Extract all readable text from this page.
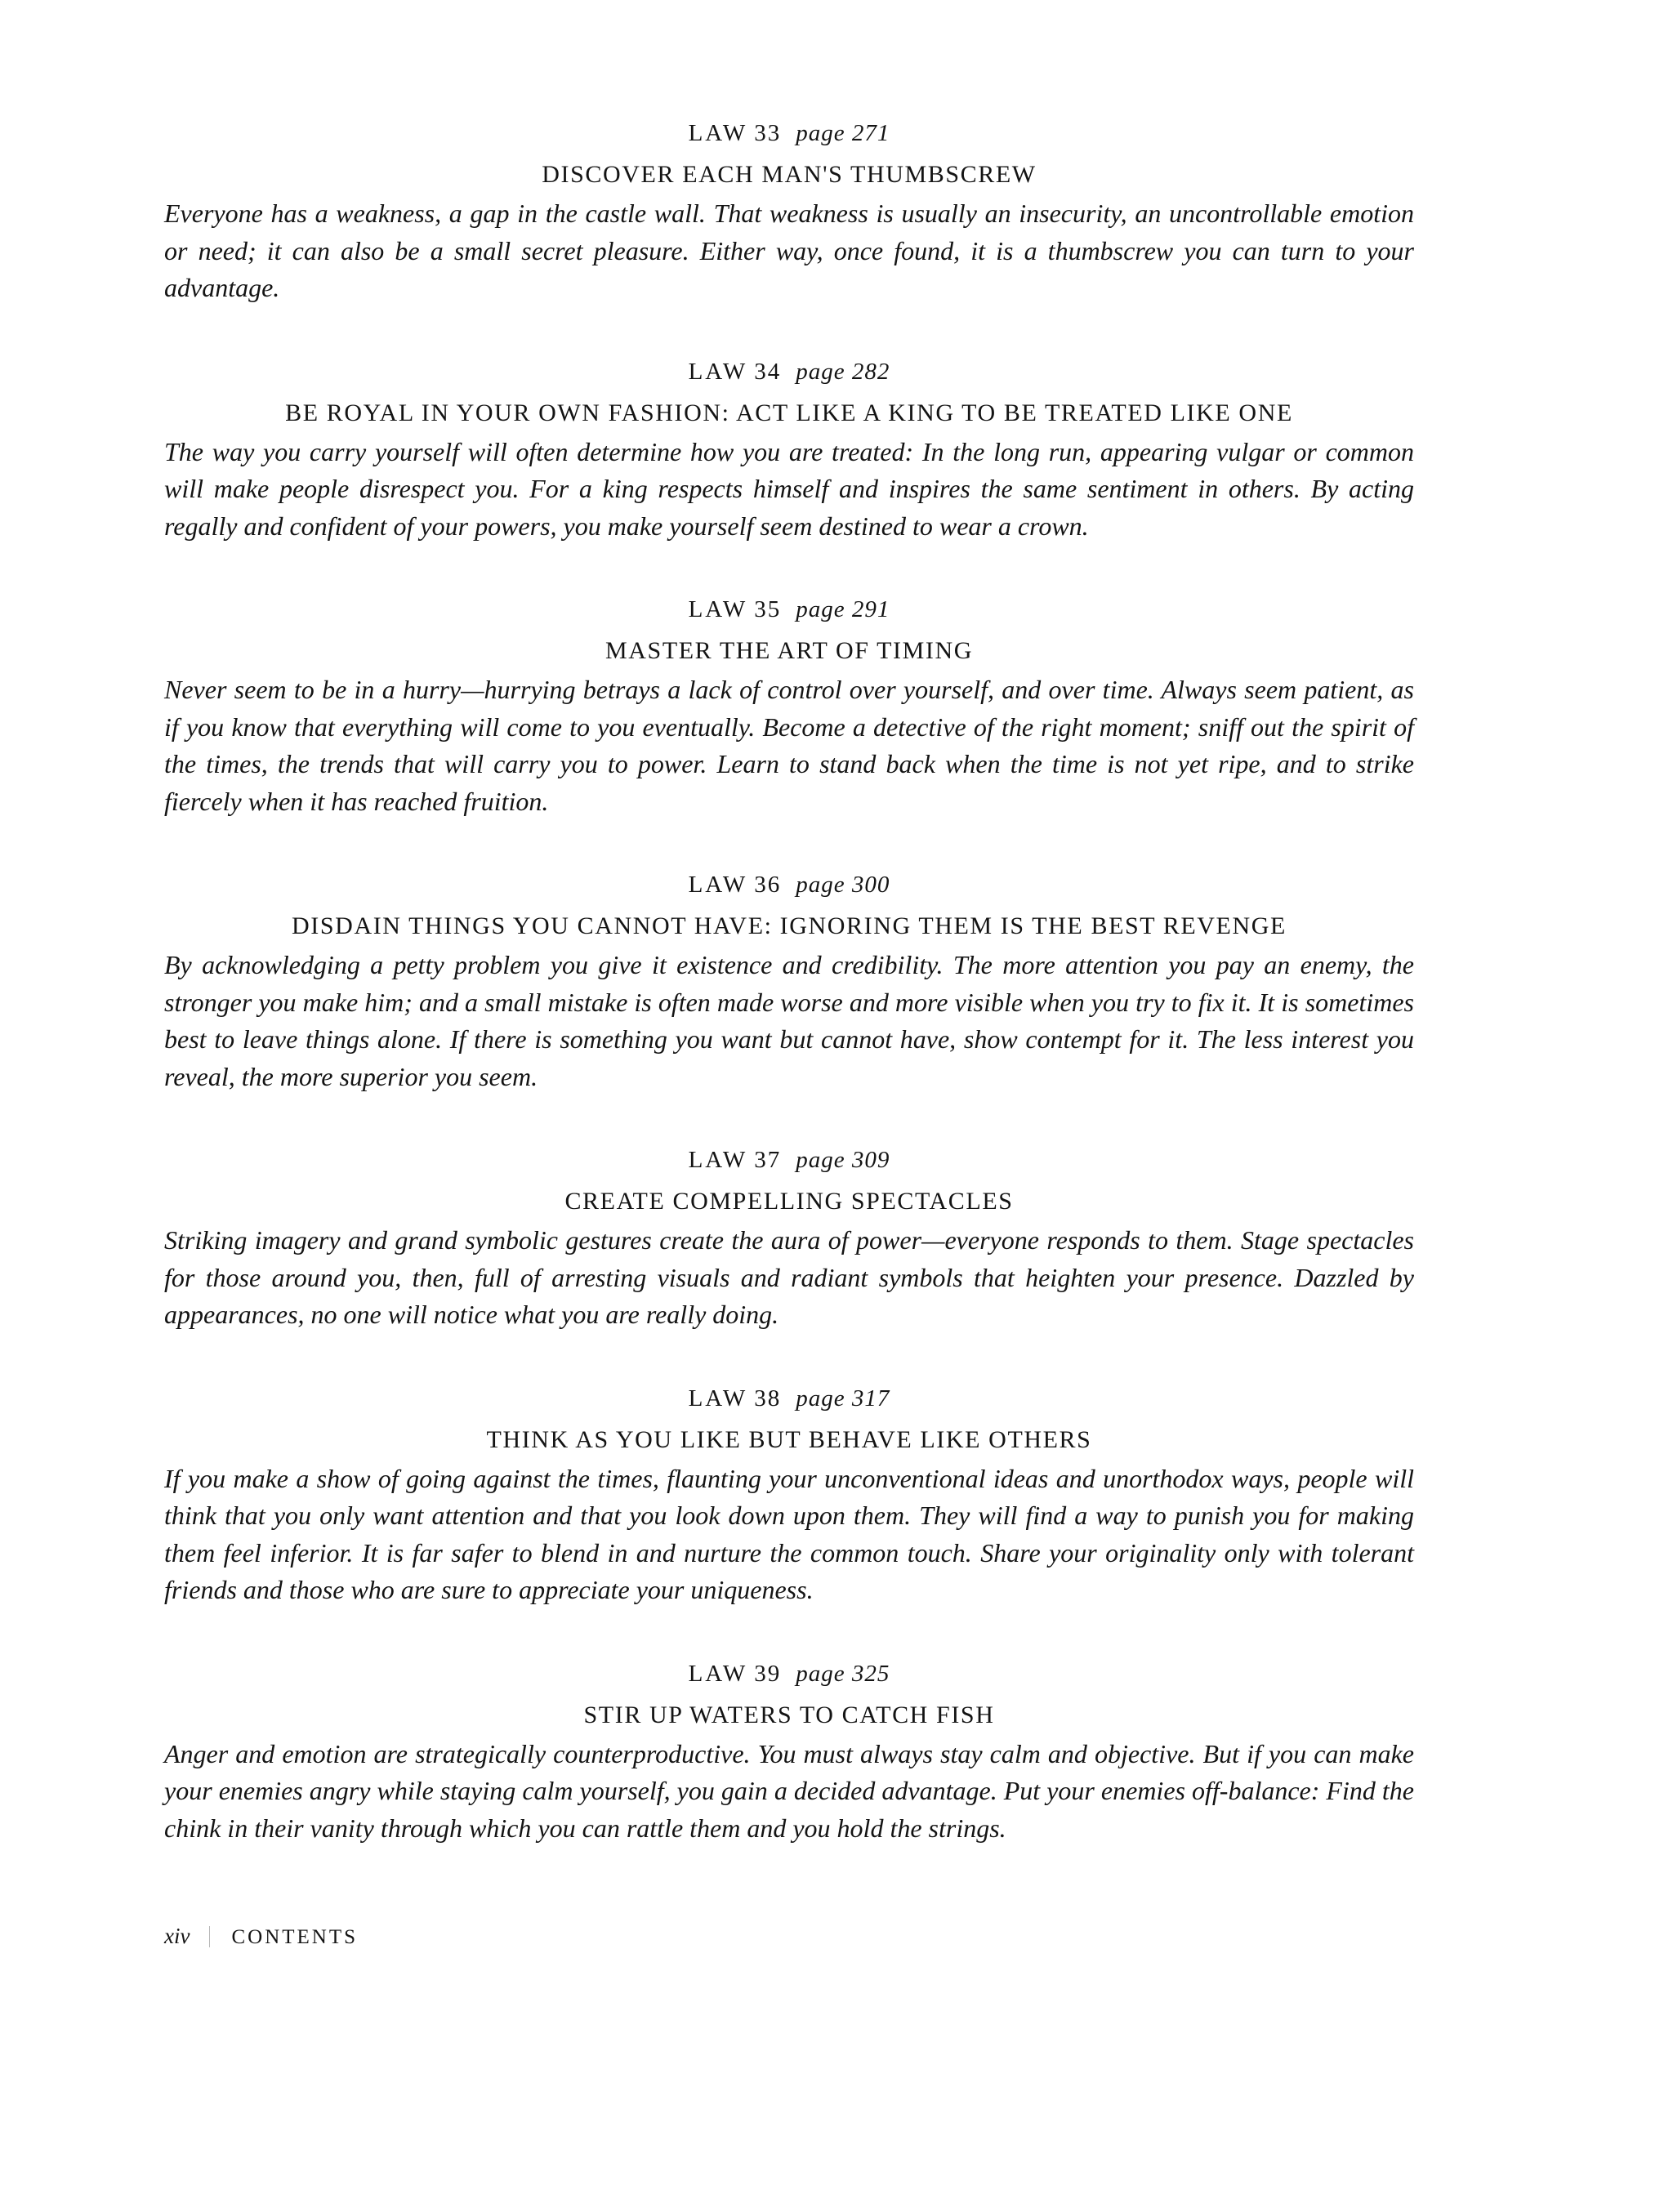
LAW 33 page 271
DISCOVER EACH MAN'S THUMBSCREW

Everyone has a weakness, a gap in the castle wall. That weakness is usually an insecurity, an uncontrollable emotion or need; it can also be a small secret pleasure. Either way, once found, it is a thumbscrew you can turn to your advantage.

LAW 34 page 282
BE ROYAL IN YOUR OWN FASHION: ACT LIKE A KING TO BE TREATED LIKE ONE

The way you carry yourself will often determine how you are treated: In the long run, appearing vulgar or common will make people disrespect you. For a king respects himself and inspires the same sentiment in others. By acting regally and confident of your powers, you make yourself seem destined to wear a crown.

LAW 35 page 291
MASTER THE ART OF TIMING

Never seem to be in a hurry—hurrying betrays a lack of control over yourself, and over time. Always seem patient, as if you know that everything will come to you eventually. Become a detective of the right moment; sniff out the spirit of the times, the trends that will carry you to power. Learn to stand back when the time is not yet ripe, and to strike fiercely when it has reached fruition.

LAW 36 page 300
DISDAIN THINGS YOU CANNOT HAVE: IGNORING THEM IS THE BEST REVENGE

By acknowledging a petty problem you give it existence and credibility. The more attention you pay an enemy, the stronger you make him; and a small mistake is often made worse and more visible when you try to fix it. It is sometimes best to leave things alone. If there is something you want but cannot have, show contempt for it. The less interest you reveal, the more superior you seem.

LAW 37 page 309
CREATE COMPELLING SPECTACLES

Striking imagery and grand symbolic gestures create the aura of power—everyone responds to them. Stage spectacles for those around you, then, full of arresting visuals and radiant symbols that heighten your presence. Dazzled by appearances, no one will notice what you are really doing.

LAW 38 page 317
THINK AS YOU LIKE BUT BEHAVE LIKE OTHERS

If you make a show of going against the times, flaunting your unconventional ideas and unorthodox ways, people will think that you only want attention and that you look down upon them. They will find a way to punish you for making them feel inferior. It is far safer to blend in and nurture the common touch. Share your originality only with tolerant friends and those who are sure to appreciate your uniqueness.

LAW 39 page 325
STIR UP WATERS TO CATCH FISH

Anger and emotion are strategically counterproductive. You must always stay calm and objective. But if you can make your enemies angry while staying calm yourself, you gain a decided advantage. Put your enemies off-balance: Find the chink in their vanity through which you can rattle them and you hold the strings.

xiv CONTENTS
